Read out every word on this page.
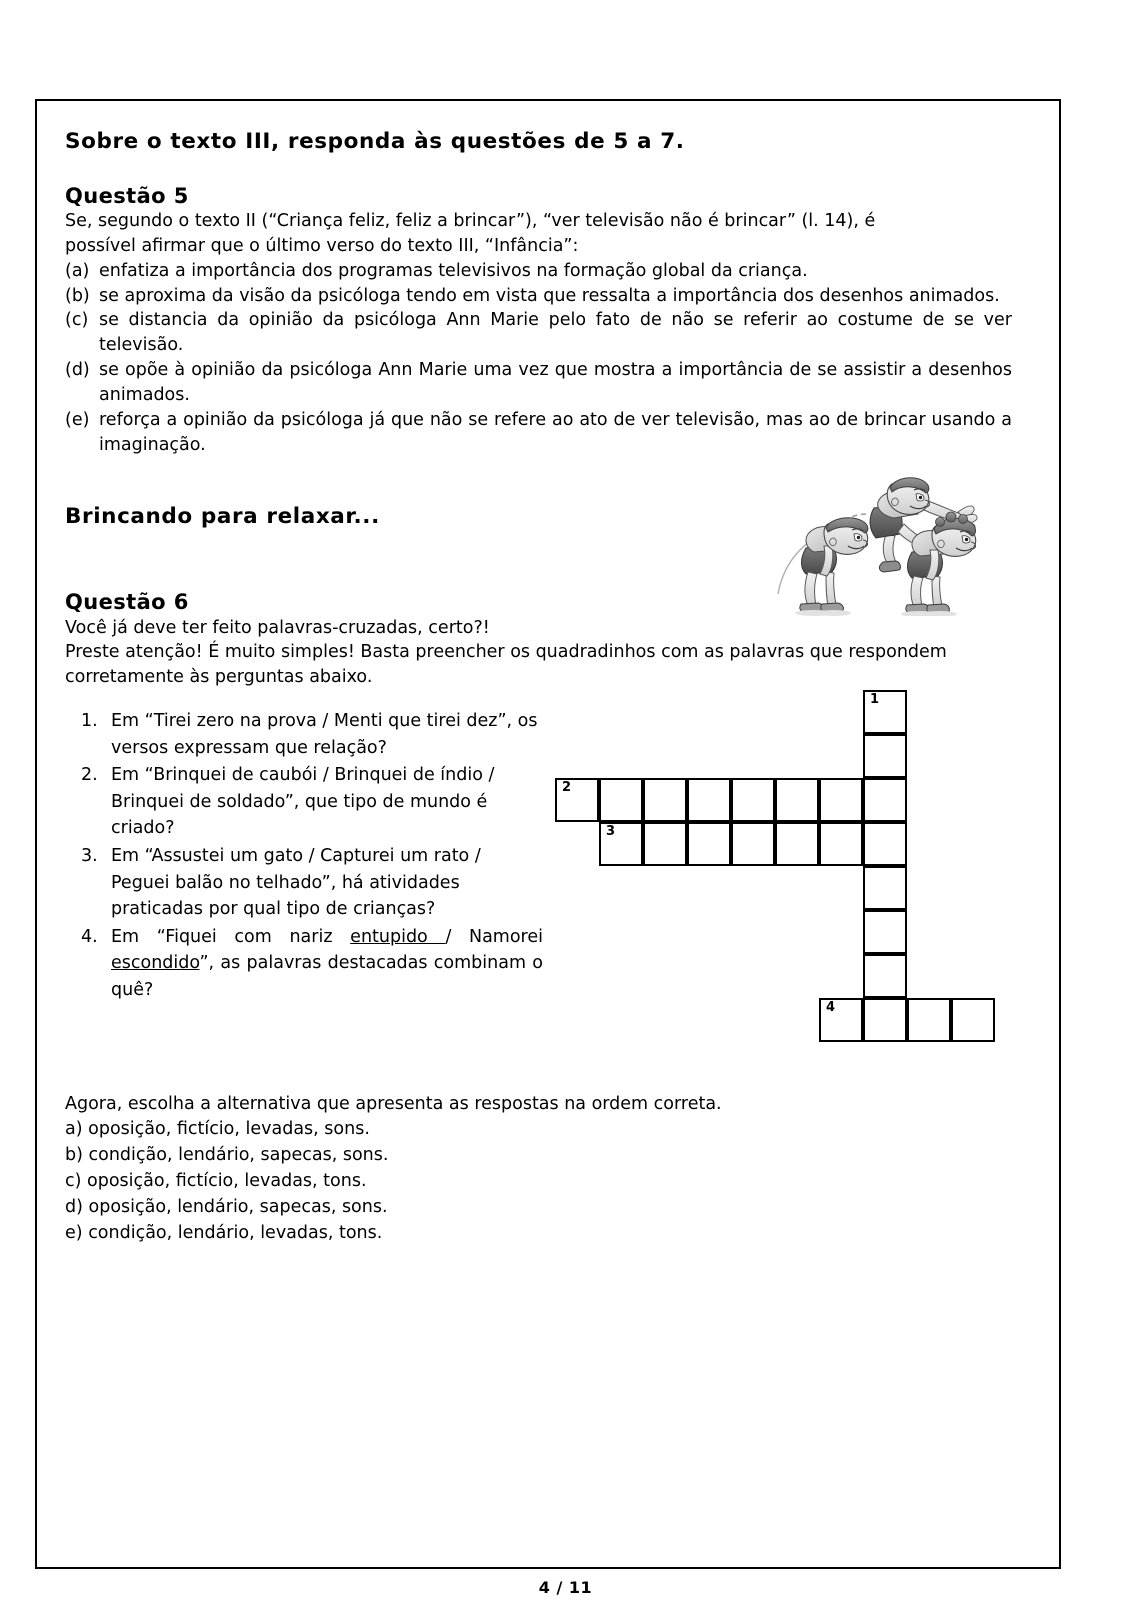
Sobre o texto III, responda às questões de 5 a 7.
Questão 5
Se, segundo o texto II (“Criança feliz, feliz a brincar”), “ver televisão não é brincar” (l. 14), é
possível afirmar que o último verso do texto III, “Infância”:
(a) enfatiza a importância dos programas televisivos na formação global da criança.
(b) se aproxima da visão da psicóloga tendo em vista que ressalta a importância dos desenhos animados.
(c) se distancia da opinião da psicóloga Ann Marie pelo fato de não se referir ao costume de se ver televisão.
(d) se opõe à opinião da psicóloga Ann Marie uma vez que mostra a importância de se assistir a desenhos animados.
(e) reforça a opinião da psicóloga já que não se refere ao ato de ver televisão, mas ao de brincar usando a imaginação.
Brincando para relaxar...
Questão 6
Você já deve ter feito palavras-cruzadas, certo?!
Preste atenção! É muito simples! Basta preencher os quadradinhos com as palavras que respondem
corretamente às perguntas abaixo.
1. Em “Tirei zero na prova / Menti que tirei dez”, os versos expressam que relação?
2. Em “Brinquei de caubói / Brinquei de índio / Brinquei de soldado”, que tipo de mundo é criado?
3. Em “Assustei um gato / Capturei um rato / Peguei balão no telhado”, há atividades praticadas por qual tipo de crianças?
4. Em “Fiquei com nariz entupido / Namorei escondido”, as palavras destacadas combinam o quê?
1
2
3
4
Agora, escolha a alternativa que apresenta as respostas na ordem correta.
a) oposição, fictício, levadas, sons.
b) condição, lendário, sapecas, sons.
c) oposição, fictício, levadas, tons.
d) oposição, lendário, sapecas, sons.
e) condição, lendário, levadas, tons.
4 / 11
